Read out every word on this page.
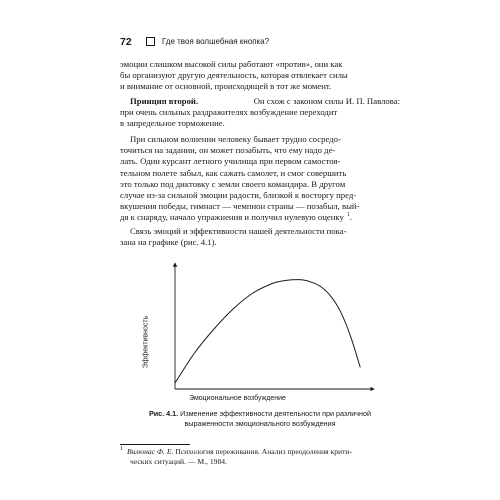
72	Где твоя волшебная кнопка?
эмоции слишком высокой силы работают «против», они как
бы организуют другую деятельность, которая отвлекает силы
и внимание от основной, происходящей в тот же момент.
Принцип второй.	Он схож с законом силы И. П. Павлова:
при очень сильных раздражителях возбуждение переходит
в запредельное торможение.
При сильном волнении человеку бывает трудно сосредо-
точиться на задании, он может позабыть, что ему надо де-
лать. Один курсант летного училища при первом самостоя-
тельном полете забыл, как сажать самолет, и смог совершить
это только под диктовку с земли своего командира. В другом
случае из-за сильной эмоции радости, близкой к восторгу пред-
вкушения победы, гимнаст — чемпион страны — позабыл, вый-
дя к снаряду, начало упражнения и получил нулевую оценку $^1$.
Связь эмоций и эффективности нашей деятельности пока-
зана на графике (рис. 4.1).
Эффективность
Эмоциональное возбуждение
Рис. 4.1. Изменение эффективности деятельности при различной
выраженности эмоционального возбуждения
$^1$ Вилюнас Ф. Е. Психология переживания. Анализ преодоления крити-
ческих ситуаций. — М., 1984.
